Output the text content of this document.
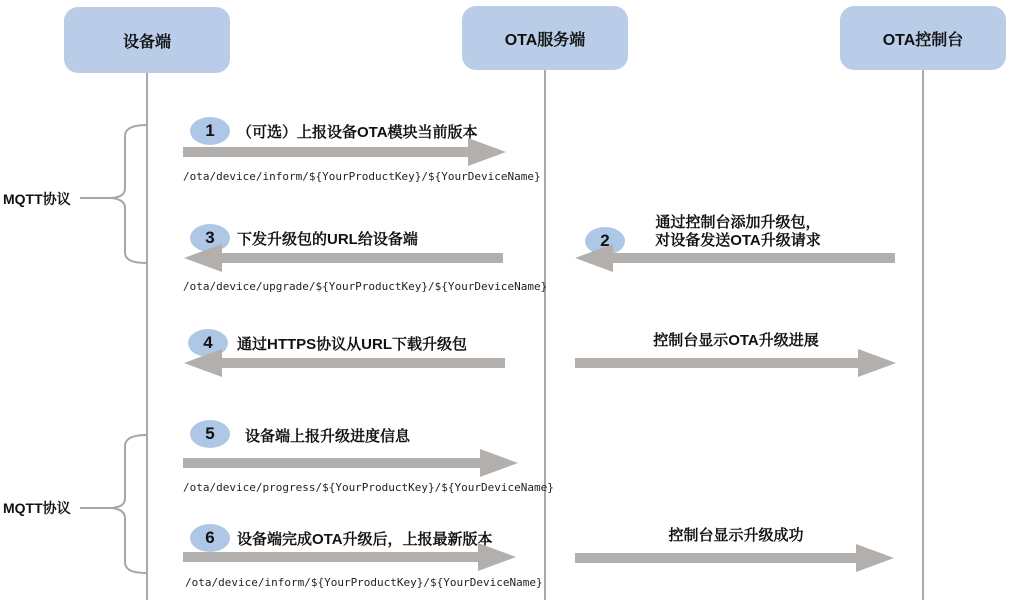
设备端	OTA服务端	OTA控制台
MQTT协议
MQTT协议
1 （可选）上报设备OTA模块当前版本
/ota/device/inform/${YourProductKey}/${YourDeviceName}
2
通过控制台添加升级包，
对设备发送OTA升级请求
3 下发升级包的URL给设备端
/ota/device/upgrade/${YourProductKey}/${YourDeviceName}
4 通过HTTPS协议从URL下载升级包	控制台显示OTA升级进展
5 设备端上报升级进度信息
/ota/device/progress/${YourProductKey}/${YourDeviceName}
6 设备端完成OTA升级后，上报最新版本
/ota/device/inform/${YourProductKey}/${YourDeviceName}
控制台显示升级成功
